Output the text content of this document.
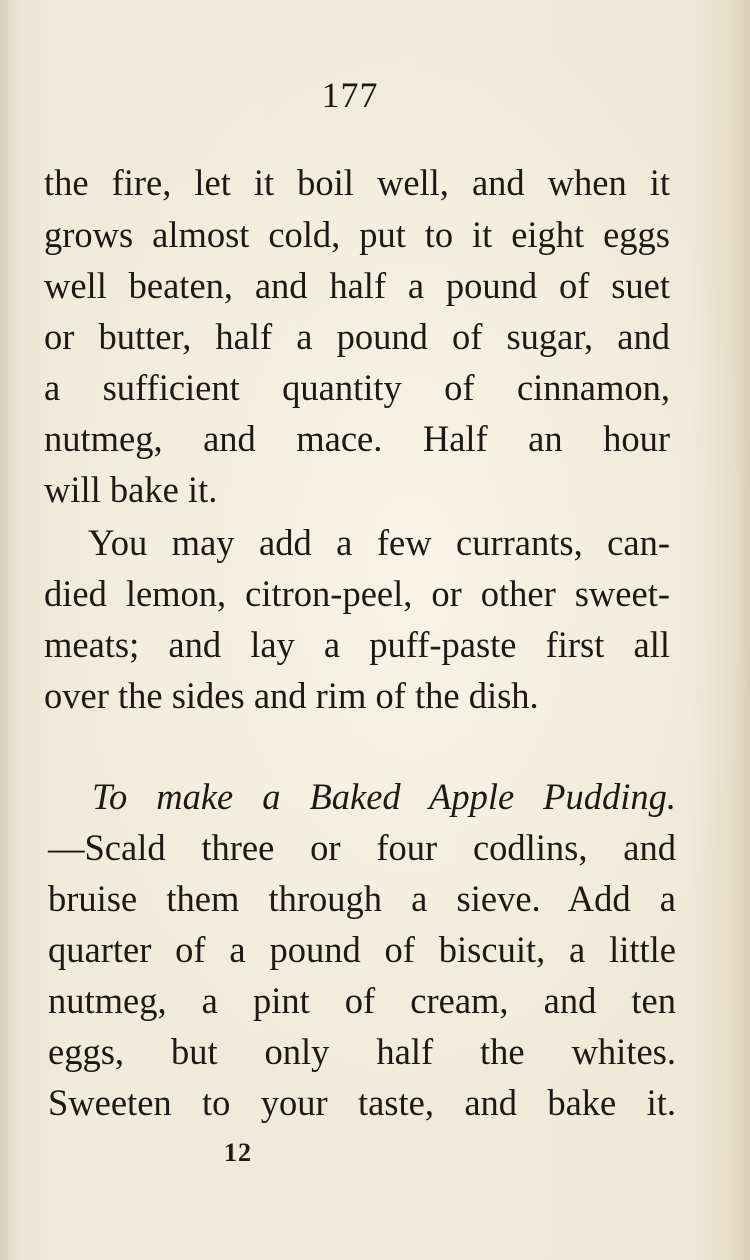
177
the fire, let it boil well, and when it
grows almost cold, put to it eight eggs
well beaten, and half a pound of suet
or butter, half a pound of sugar, and
a sufficient quantity of cinnamon,
nutmeg, and mace. Half an hour
will bake it.
You may add a few currants, can-
died lemon, citron-peel, or other sweet-
meats; and lay a puff-paste first all
over the sides and rim of the dish.
To make a Baked Apple Pudding.
—Scald three or four codlins, and
bruise them through a sieve. Add a
quarter of a pound of biscuit, a little
nutmeg, a pint of cream, and ten
eggs, but only half the whites.
Sweeten to your taste, and bake it.
12
